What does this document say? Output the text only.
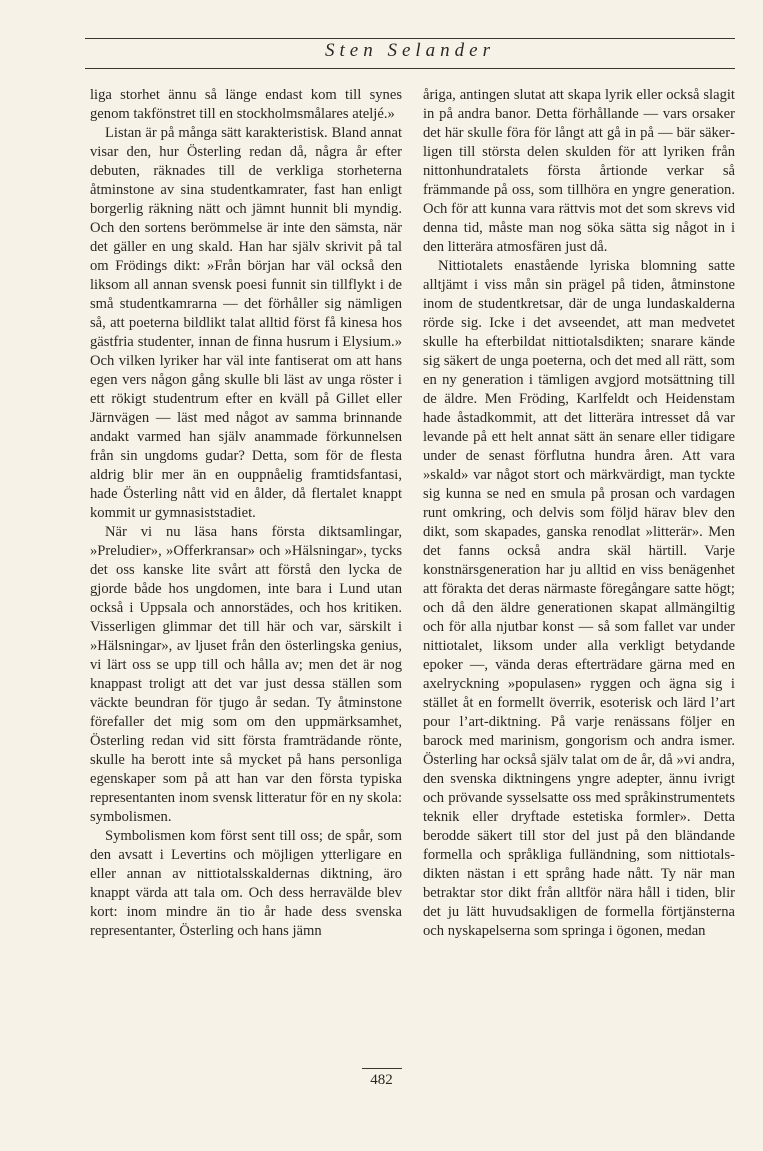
Sten Selander

liga storhet ännu så länge endast kom till synes genom takfönstret till en stockholmsmålares ateljé.»

Listan är på många sätt karakteristisk. Bland annat visar den, hur Österling redan då, några år efter debuten, räknades till de verkliga storheterna åtminstone av sina studentkamrater, fast han enligt borgerlig räkning nätt och jämnt hunnit bli myndig. Och den sortens berömmelse är inte den sämsta, när det gäller en ung skald. Han har själv skrivit på tal om Frödings dikt: »Från början har väl också den liksom all annan svensk poesi funnit sin tillflykt i de små studentkamrarna — det förhåller sig nämligen så, att poeterna bildlikt talat alltid först få kinesa hos gästfria studenter, innan de finna husrum i Elysium.» Och vilken lyriker har väl inte fantiserat om att hans egen vers någon gång skulle bli läst av unga röster i ett rökigt studentrum efter en kväll på Gillet eller Järnvägen — läst med något av samma brinnande andakt varmed han själv anammade förkunnelsen från sin ungdoms gudar? Detta, som för de flesta aldrig blir mer än en ouppnåelig framtidsfantasi, hade Österling nått vid en ålder, då flertalet knappt kommit ur gymnasiststadiet.

När vi nu läsa hans första diktsamlingar, »Preludier», »Offerkransar» och »Hälsningar», tycks det oss kanske lite svårt att förstå den lycka de gjorde både hos ungdomen, inte bara i Lund utan också i Uppsala och annorstädes, och hos kritiken. Visserligen glimmar det till här och var, särskilt i »Hälsningar», av ljuset från den österlingska genius, vi lärt oss se upp till och hålla av; men det är nog knappast troligt att det var just dessa ställen som väckte beundran för tjugo år sedan. Ty åtminstone förefaller det mig som om den uppmärksamhet, Österling redan vid sitt första framträdande rönte, skulle ha berott inte så mycket på hans personliga egenskaper som på att han var den första typiska representanten inom svensk litteratur för en ny skola: symbolismen.

Symbolismen kom först sent till oss; de spår, som den avsatt i Levertins och möjligen ytterligare en eller annan av nittiotalsskaldernas diktning, äro knappt värda att tala om. Och dess herravälde blev kort: inom mindre än tio år hade dess svenska representanter, Österling och hans jämn

åriga, antingen slutat att skapa lyrik eller också slagit in på andra banor. Detta förhållande — vars orsaker det här skulle föra för långt att gå in på — bär säkerligen till största delen skulden för att lyriken från nittonhundratalets första årtionde verkar så främmande på oss, som tillhöra en yngre generation. Och för att kunna vara rättvis mot det som skrevs vid denna tid, måste man nog söka sätta sig något in i den litterära atmosfären just då.

Nittiotalets enastående lyriska blomning satte alltjämt i viss mån sin prägel på tiden, åtminstone inom de studentkretsar, där de unga lundaskalderna rörde sig. Icke i det avseendet, att man medvetet skulle ha efterbildat nittiotalsdikten; snarare kände sig säkert de unga poeterna, och det med all rätt, som en ny generation i tämligen avgjord motsättning till de äldre. Men Fröding, Karlfeldt och Heidenstam hade åstadkommit, att det litterära intresset då var levande på ett helt annat sätt än senare eller tidigare under de senast förflutna hundra åren. Att vara »skald» var något stort och märkvärdigt, man tyckte sig kunna se ned en smula på prosan och vardagen runt omkring, och delvis som följd härav blev den dikt, som skapades, ganska renodlat »litterär». Men det fanns också andra skäl härtill. Varje konstnärsgeneration har ju alltid en viss benägenhet att förakta det deras närmaste föregångare satte högt; och då den äldre generationen skapat allmängiltig och för alla njutbar konst — så som fallet var under nittiotalet, liksom under alla verkligt betydande epoker —, vända deras efterträdare gärna med en axelryckning »populasen» ryggen och ägna sig i stället åt en formellt överrik, esoterisk och lärd l’art pour l’art-diktning. På varje renässans följer en barock med marinism, gongorism och andra ismer. Österling har också själv talat om de år, då »vi andra, den svenska diktningens yngre adepter, ännu ivrigt och prövande sysselsatte oss med språkinstrumentets teknik eller dryftade estetiska formler». Detta berodde säkert till stor del just på den bländande formella och språkliga fulländning, som nittiotalsdikten nästan i ett språng hade nått. Ty när man betraktar stor dikt från alltför nära håll i tiden, blir det ju lätt huvudsakligen de formella förtjänsterna och nyskapelserna som springa i ögonen, medan

482
